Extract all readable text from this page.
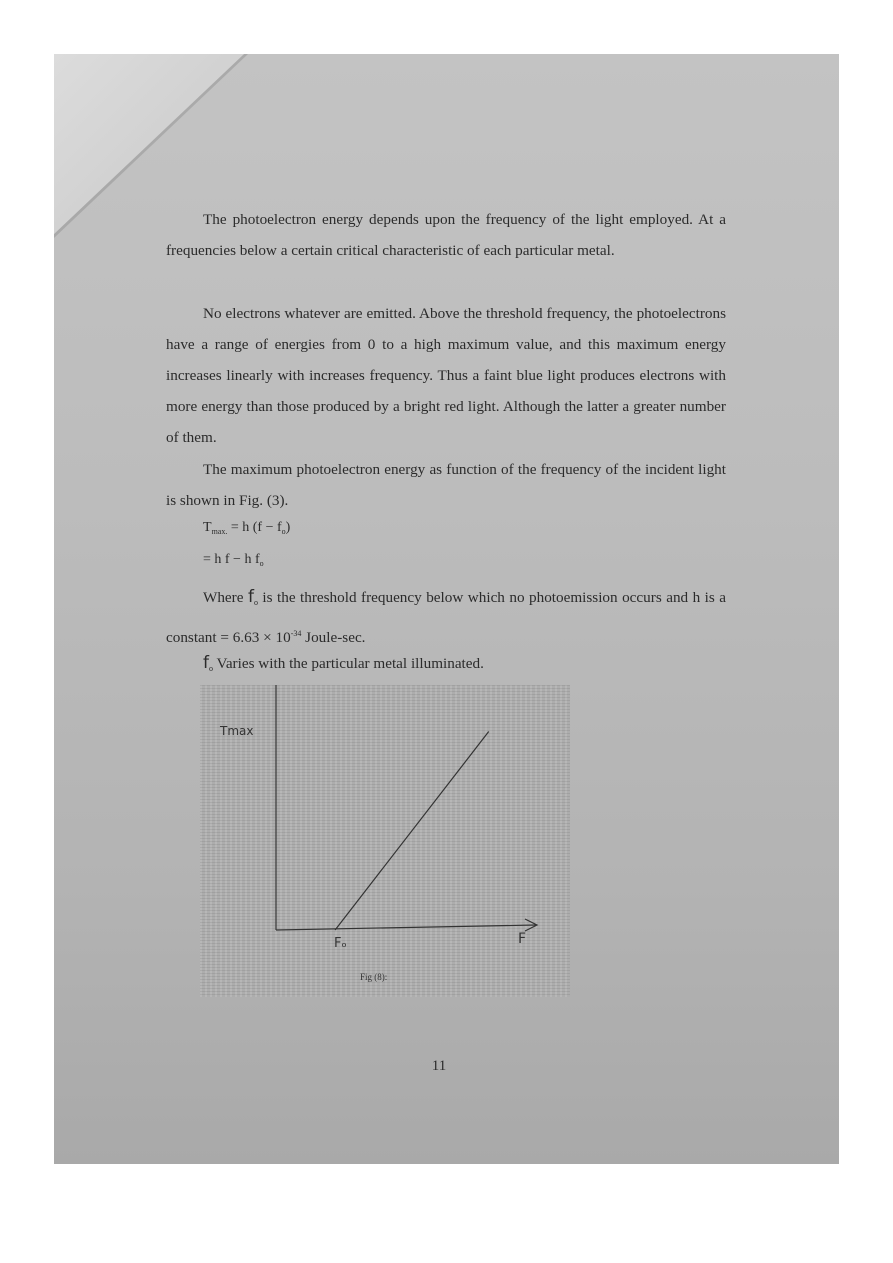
The photoelectron energy depends upon the frequency of the light employed. At a frequencies below a certain critical characteristic of each particular metal.
No electrons whatever are emitted. Above the threshold frequency, the photoelectrons have a range of energies from 0 to a high maximum value, and this maximum energy increases linearly with increases frequency. Thus a faint blue light produces electrons with more energy than those produced by a bright red light. Although the latter a greater number of them.
The maximum photoelectron energy as function of the frequency of the incident light is shown in Fig. (3).
$T_{max.} = h$ $(f - f_o)$
= h f − h $f_o$
Where $f_o$ is the threshold frequency below which no photoemission occurs and h is a constant = $6.63 \times 10^{-34}$ Joule-sec.
$f_o$ Varies with the particular metal illuminated.
Tmax
F
Fₒ
Fig (8):
11
